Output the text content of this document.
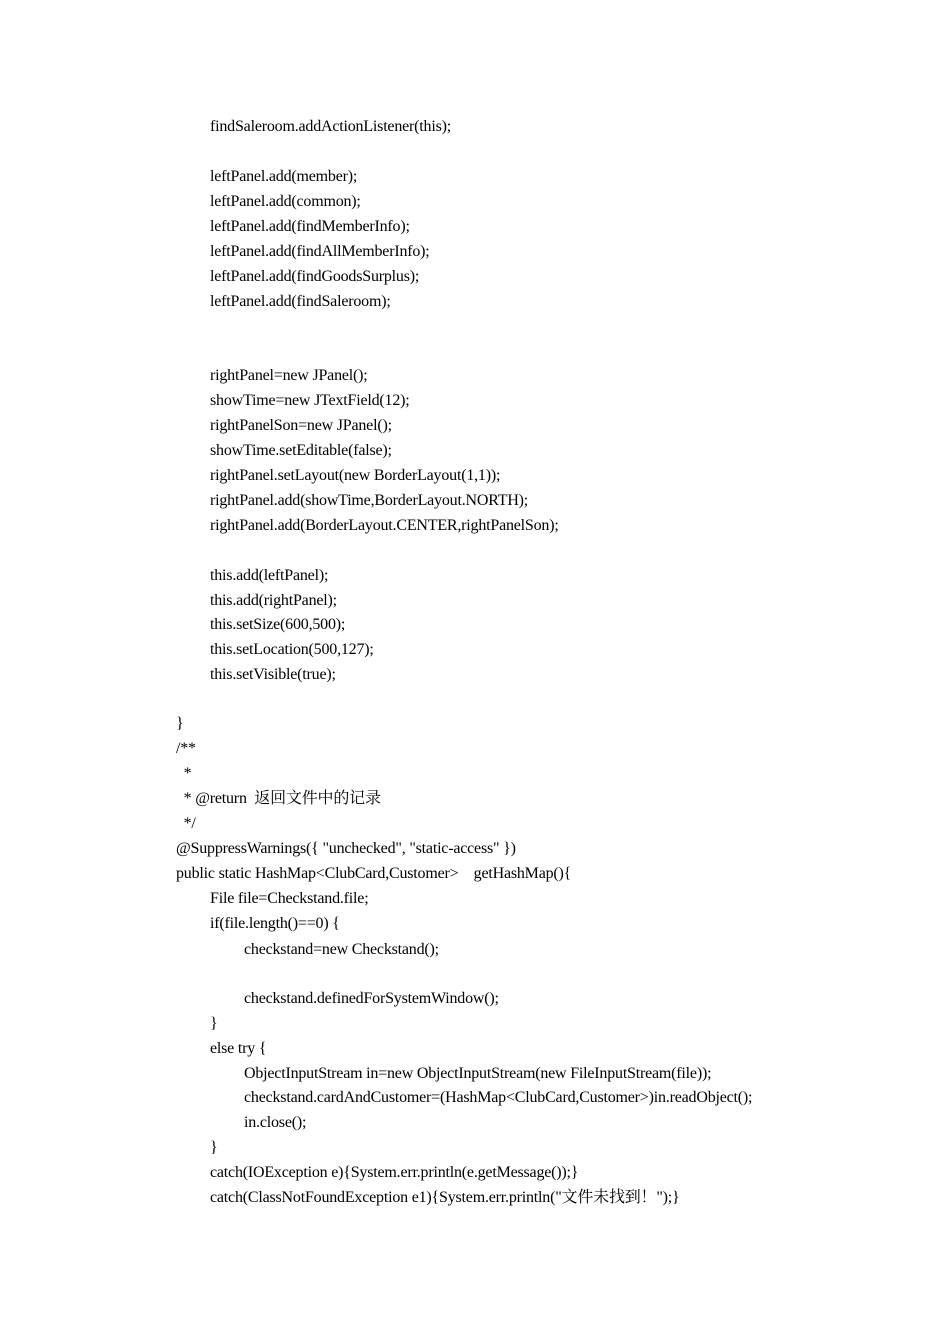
findSaleroom.addActionListener(this);
leftPanel.add(member);
leftPanel.add(common);
leftPanel.add(findMemberInfo);
leftPanel.add(findAllMemberInfo);
leftPanel.add(findGoodsSurplus);
leftPanel.add(findSaleroom);
rightPanel=new JPanel();
showTime=new JTextField(12);
rightPanelSon=new JPanel();
showTime.setEditable(false);
rightPanel.setLayout(new BorderLayout(1,1));
rightPanel.add(showTime,BorderLayout.NORTH);
rightPanel.add(BorderLayout.CENTER,rightPanelSon);
this.add(leftPanel);
this.add(rightPanel);
this.setSize(600,500);
this.setLocation(500,127);
this.setVisible(true);
}
/**
*
* @return  返回文件中的记录
*/
@SuppressWarnings({ "unchecked", "static-access" })
public static HashMap<ClubCard,Customer>    getHashMap(){
File file=Checkstand.file;
if(file.length()==0) {
checkstand=new Checkstand();
checkstand.definedForSystemWindow();
}
else try {
ObjectInputStream in=new ObjectInputStream(new FileInputStream(file));
checkstand.cardAndCustomer=(HashMap<ClubCard,Customer>)in.readObject();
in.close();
}
catch(IOException e){System.err.println(e.getMessage());}
catch(ClassNotFoundException e1){System.err.println("文件未找到！");}
